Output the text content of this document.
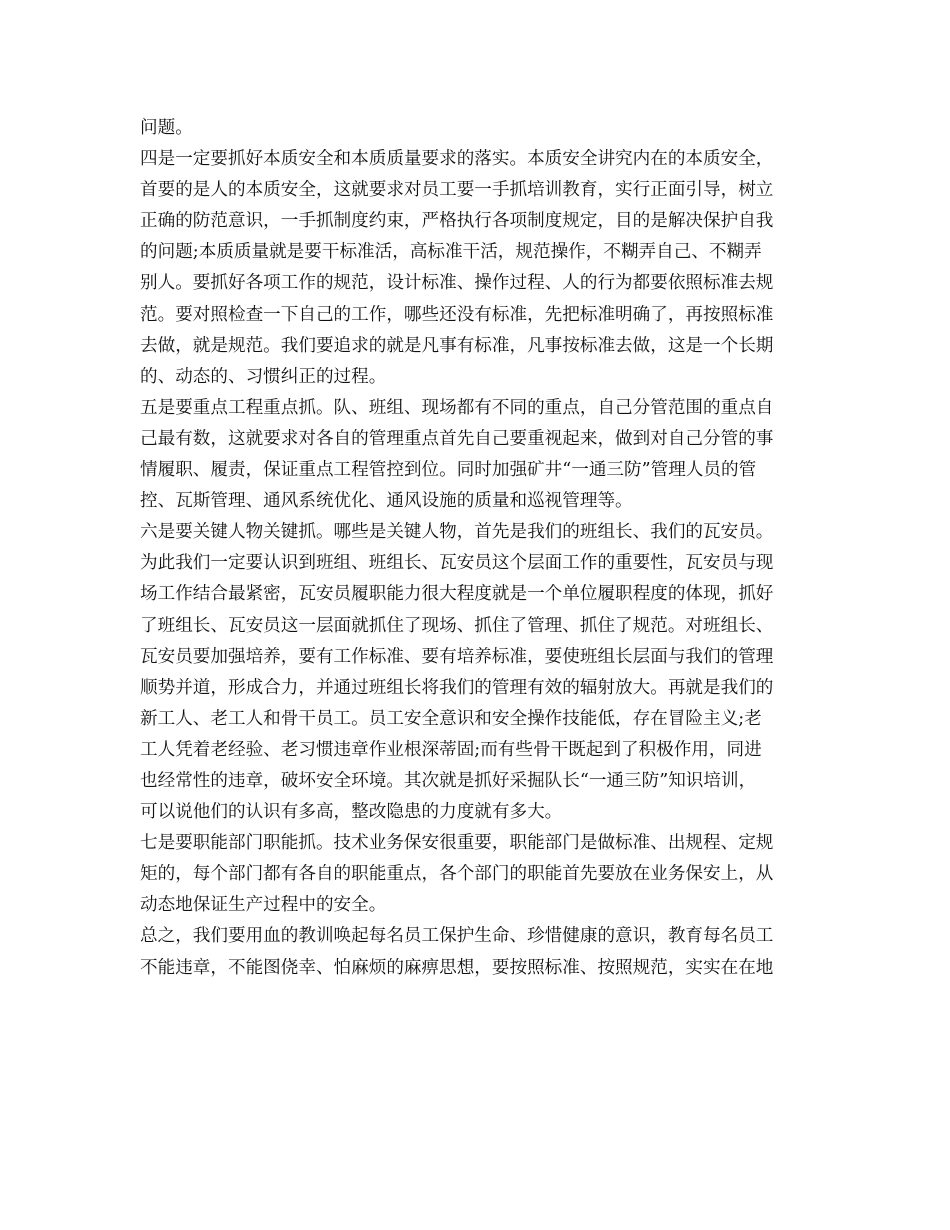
问题。
四是一定要抓好本质安全和本质质量要求的落实。本质安全讲究内在的本质安全，
首要的是人的本质安全，这就要求对员工要一手抓培训教育，实行正面引导，树立
正确的防范意识，一手抓制度约束，严格执行各项制度规定，目的是解决保护自我
的问题;本质质量就是要干标准活，高标准干活，规范操作，不糊弄自己、不糊弄
别人。要抓好各项工作的规范，设计标准、操作过程、人的行为都要依照标准去规
范。要对照检查一下自己的工作，哪些还没有标准，先把标准明确了，再按照标准
去做，就是规范。我们要追求的就是凡事有标准，凡事按标准去做，这是一个长期
的、动态的、习惯纠正的过程。
五是要重点工程重点抓。队、班组、现场都有不同的重点，自己分管范围的重点自
己最有数，这就要求对各自的管理重点首先自己要重视起来，做到对自己分管的事
情履职、履责，保证重点工程管控到位。同时加强矿井“一通三防”管理人员的管
控、瓦斯管理、通风系统优化、通风设施的质量和巡视管理等。
六是要关键人物关键抓。哪些是关键人物，首先是我们的班组长、我们的瓦安员。
为此我们一定要认识到班组、班组长、瓦安员这个层面工作的重要性，瓦安员与现
场工作结合最紧密，瓦安员履职能力很大程度就是一个单位履职程度的体现，抓好
了班组长、瓦安员这一层面就抓住了现场、抓住了管理、抓住了规范。对班组长、
瓦安员要加强培养，要有工作标准、要有培养标准，要使班组长层面与我们的管理
顺势并道，形成合力，并通过班组长将我们的管理有效的辐射放大。再就是我们的
新工人、老工人和骨干员工。员工安全意识和安全操作技能低，存在冒险主义;老
工人凭着老经验、老习惯违章作业根深蒂固;而有些骨干既起到了积极作用，同进
也经常性的违章，破坏安全环境。其次就是抓好采掘队长“一通三防”知识培训，
可以说他们的认识有多高，整改隐患的力度就有多大。
七是要职能部门职能抓。技术业务保安很重要，职能部门是做标准、出规程、定规
矩的，每个部门都有各自的职能重点，各个部门的职能首先要放在业务保安上，从
动态地保证生产过程中的安全。
总之，我们要用血的教训唤起每名员工保护生命、珍惜健康的意识，教育每名员工
不能违章，不能图侥幸、怕麻烦的麻痹思想，要按照标准、按照规范，实实在在地
